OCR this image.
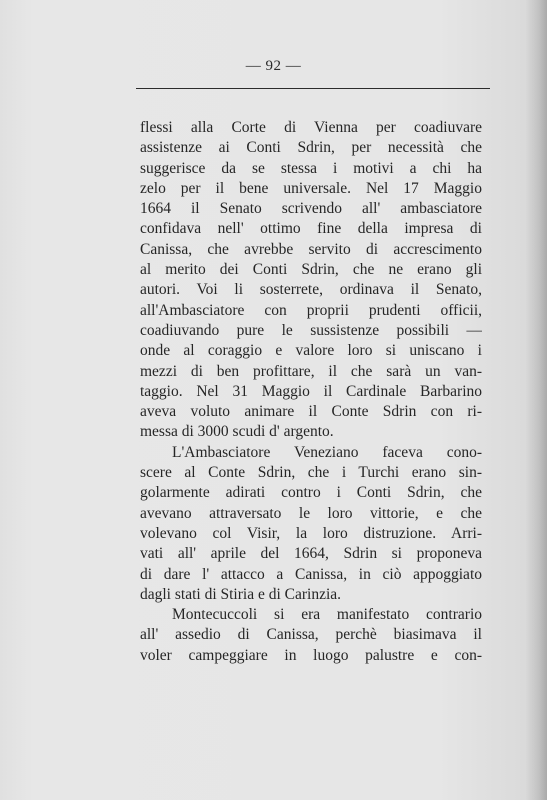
— 92 —
flessi alla Corte di Vienna per coadiuvare
assistenze ai Conti Sdrin, per necessità che
suggerisce da se stessa i motivi a chi ha
zelo per il bene universale. Nel 17 Maggio
1664 il Senato scrivendo all' ambasciatore
confidava nell' ottimo fine della impresa di
Canissa, che avrebbe servito di accrescimento
al merito dei Conti Sdrin, che ne erano gli
autori. Voi li sosterrete, ordinava il Senato,
all'Ambasciatore con proprii prudenti officii,
coadiuvando pure le sussistenze possibili —
onde al coraggio e valore loro si uniscano i
mezzi di ben profittare, il che sarà un van-
taggio. Nel 31 Maggio il Cardinale Barbarino
aveva voluto animare il Conte Sdrin con ri-
messa di 3000 scudi d' argento.
L'Ambasciatore Veneziano faceva cono-
scere al Conte Sdrin, che i Turchi erano sin-
golarmente adirati contro i Conti Sdrin, che
avevano attraversato le loro vittorie, e che
volevano col Visir, la loro distruzione. Arri-
vati all' aprile del 1664, Sdrin si proponeva
di dare l' attacco a Canissa, in ciò appoggiato
dagli stati di Stiria e di Carinzia.
Montecuccoli si era manifestato contrario
all' assedio di Canissa, perchè biasimava il
voler campeggiare in luogo palustre e con-
